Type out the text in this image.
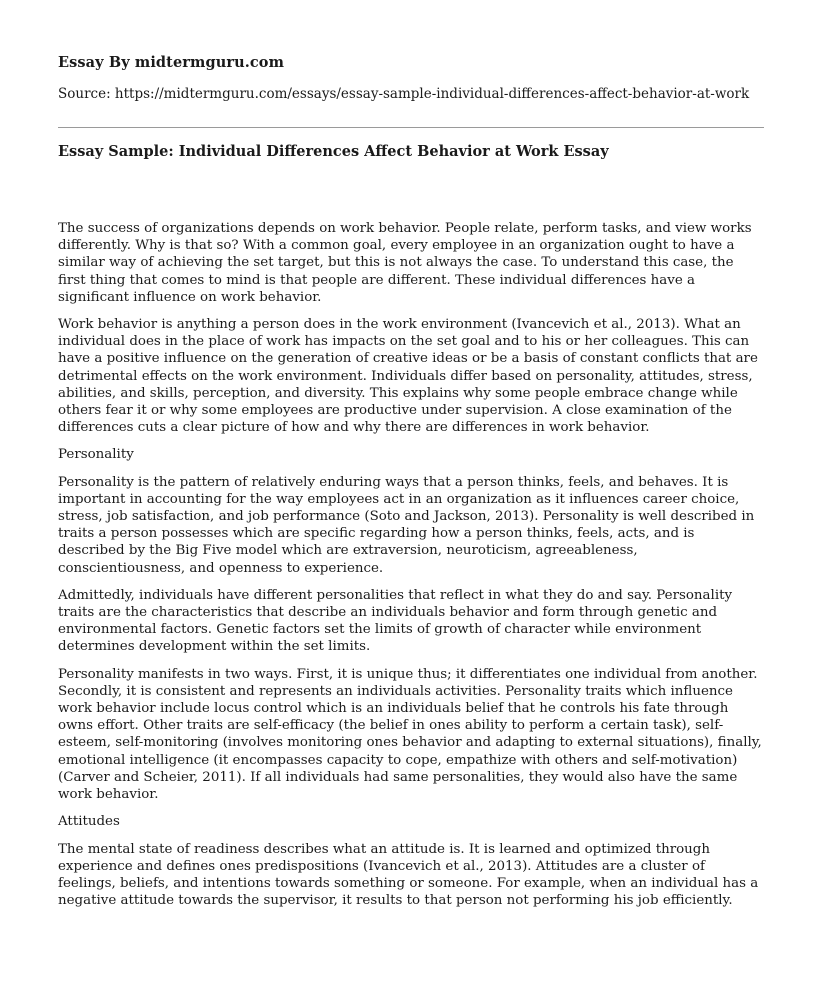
Essay By midtermguru.com
Source: https://midtermguru.com/essays/essay-sample-individual-differences-affect-behavior-at-work
Essay Sample: Individual Differences Affect Behavior at Work Essay

The success of organizations depends on work behavior. People relate, perform tasks, and view works differently. Why is that so? With a common goal, every employee in an organization ought to have a similar way of achieving the set target, but this is not always the case. To understand this case, the first thing that comes to mind is that people are different. These individual differences have a significant influence on work behavior.

Work behavior is anything a person does in the work environment (Ivancevich et al., 2013). What an individual does in the place of work has impacts on the set goal and to his or her colleagues. This can have a positive influence on the generation of creative ideas or be a basis of constant conflicts that are detrimental effects on the work environment. Individuals differ based on personality, attitudes, stress, abilities, and skills, perception, and diversity. This explains why some people embrace change while others fear it or why some employees are productive under supervision. A close examination of the differences cuts a clear picture of how and why there are differences in work behavior.

Personality

Personality is the pattern of relatively enduring ways that a person thinks, feels, and behaves. It is important in accounting for the way employees act in an organization as it influences career choice, stress, job satisfaction, and job performance (Soto and Jackson, 2013). Personality is well described in traits a person possesses which are specific regarding how a person thinks, feels, acts, and is described by the Big Five model which are extraversion, neuroticism, agreeableness, conscientiousness, and openness to experience.

Admittedly, individuals have different personalities that reflect in what they do and say. Personality traits are the characteristics that describe an individuals behavior and form through genetic and environmental factors. Genetic factors set the limits of growth of character while environment determines development within the set limits.

Personality manifests in two ways. First, it is unique thus; it differentiates one individual from another. Secondly, it is consistent and represents an individuals activities. Personality traits which influence work behavior include locus control which is an individuals belief that he controls his fate through owns effort. Other traits are self-efficacy (the belief in ones ability to perform a certain task), self-esteem, self-monitoring (involves monitoring ones behavior and adapting to external situations), finally, emotional intelligence (it encompasses capacity to cope, empathize with others and self-motivation) (Carver and Scheier, 2011). If all individuals had same personalities, they would also have the same work behavior.

Attitudes

The mental state of readiness describes what an attitude is. It is learned and optimized through experience and defines ones predispositions (Ivancevich et al., 2013). Attitudes are a cluster of feelings, beliefs, and intentions towards something or someone. For example, when an individual has a negative attitude towards the supervisor, it results to that person not performing his job efficiently.
